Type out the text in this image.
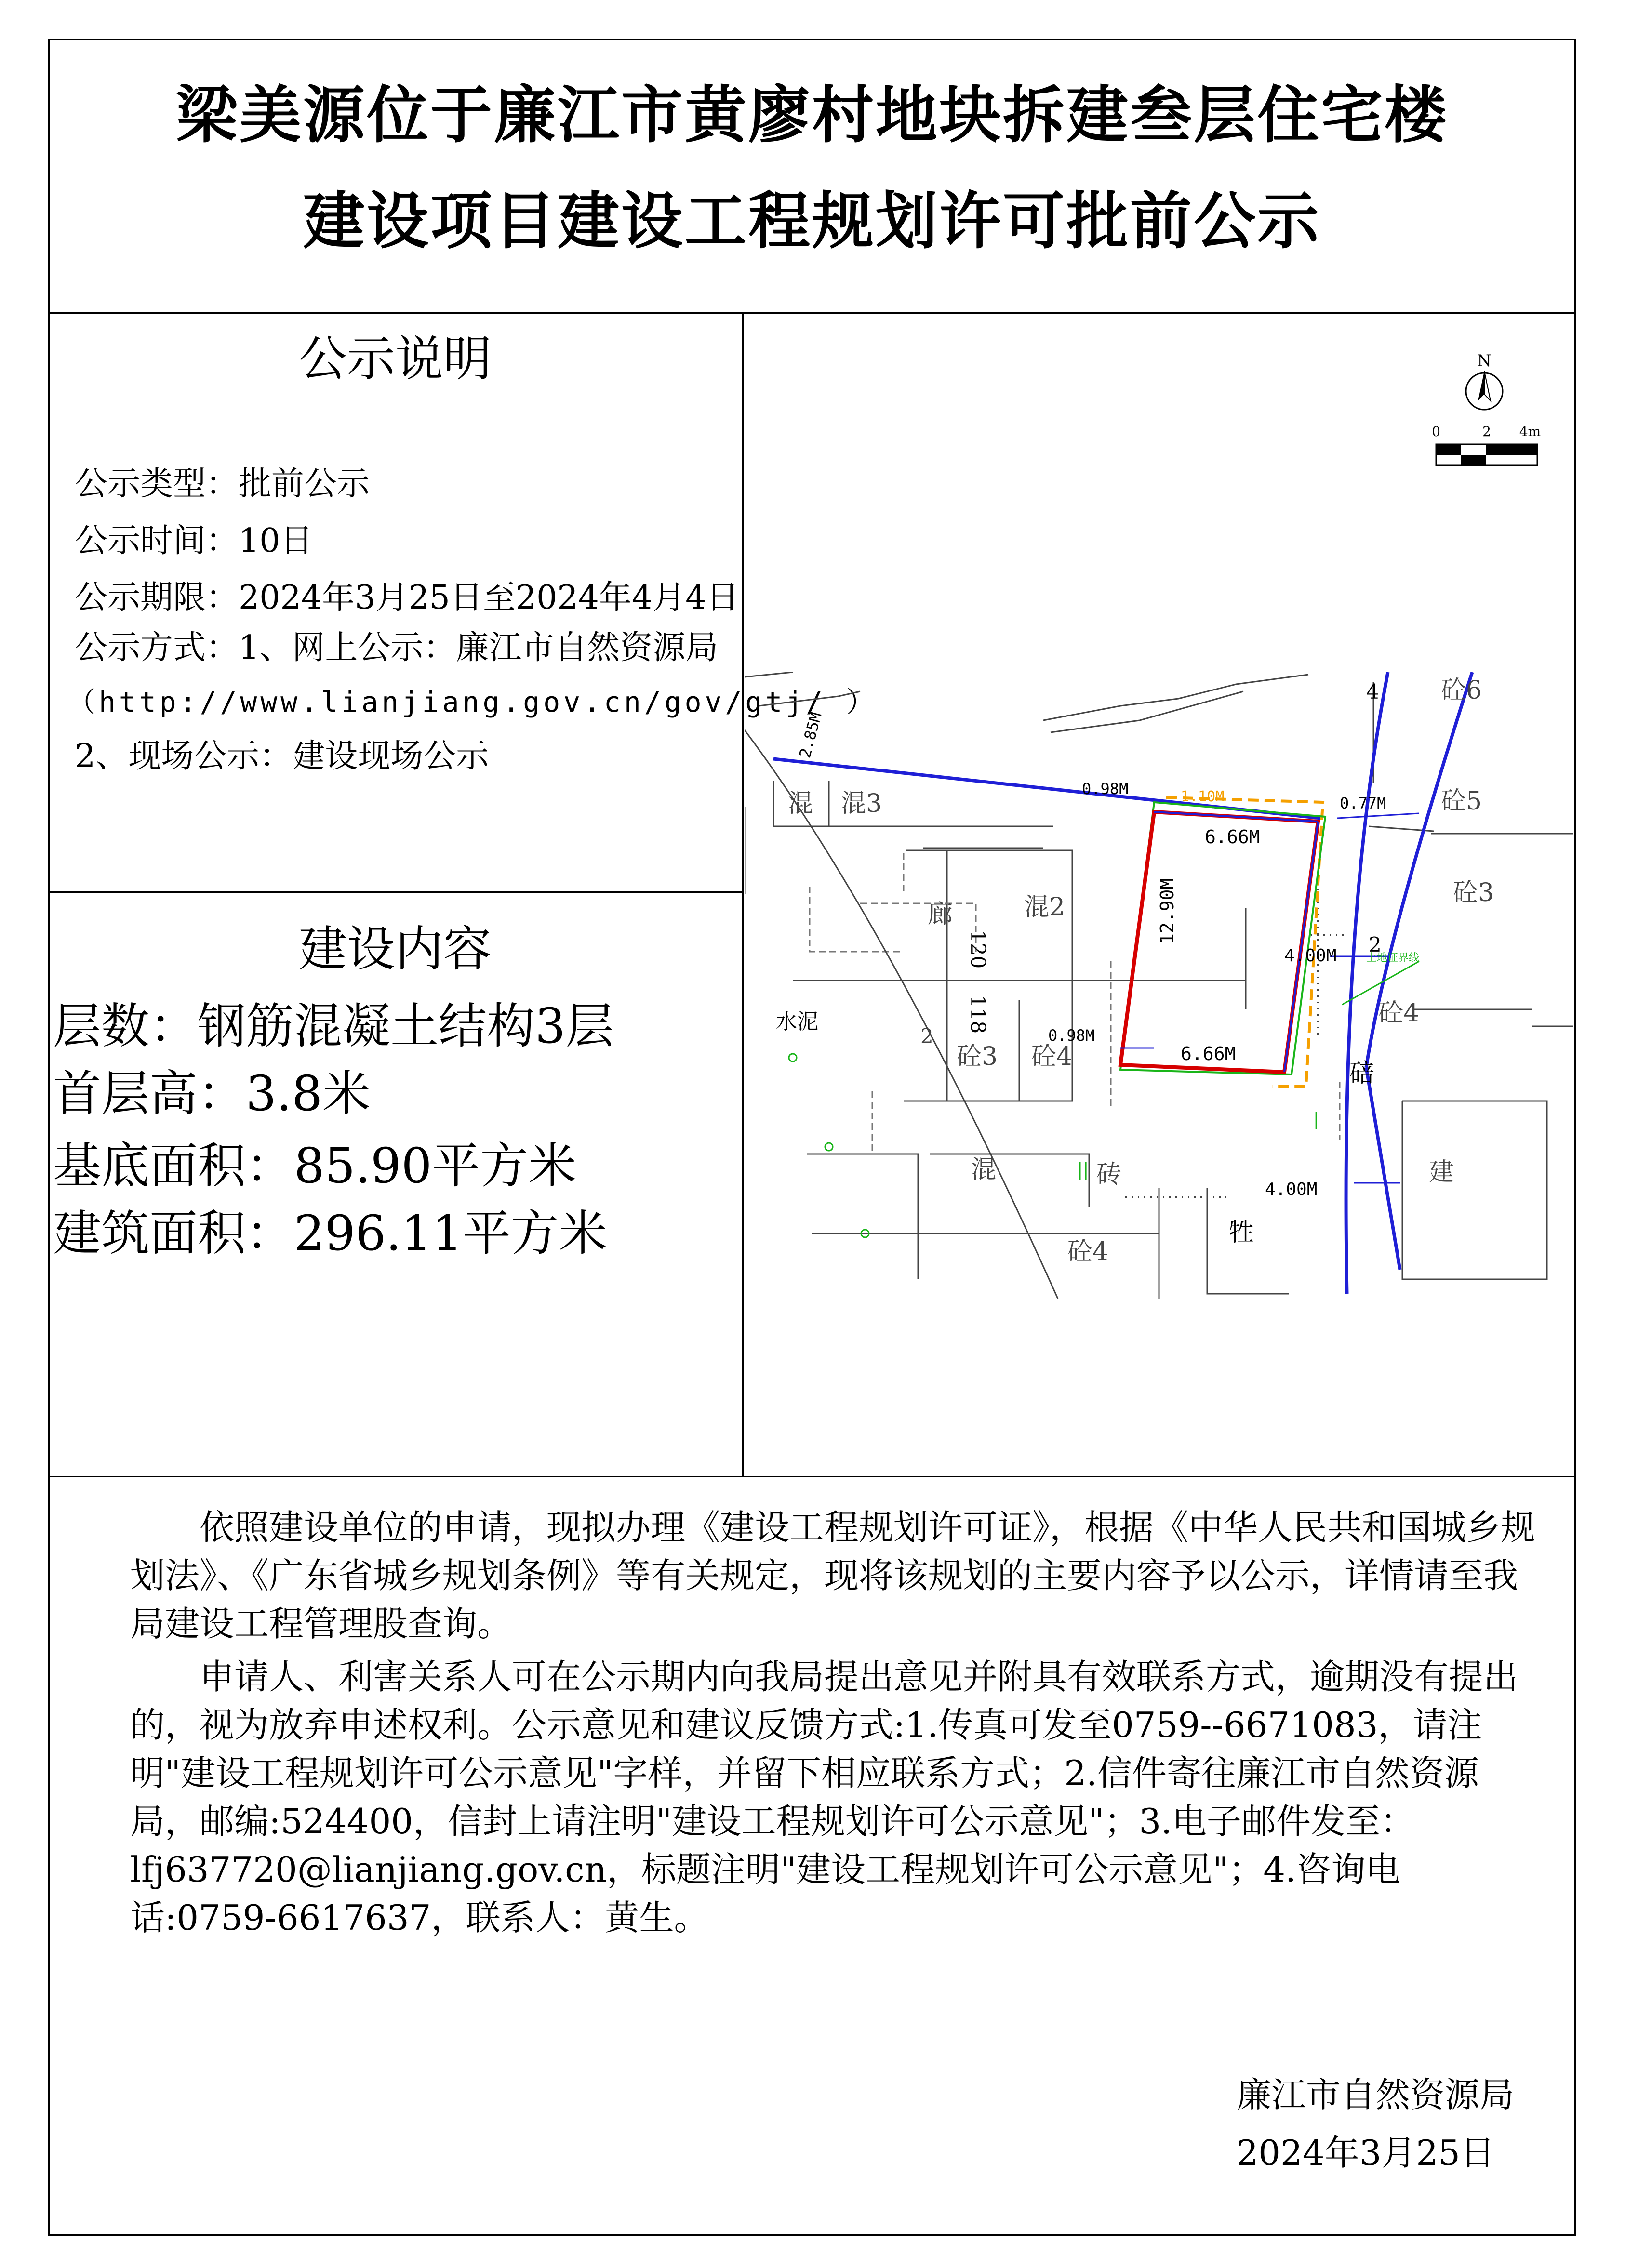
梁美源位于廉江市黄廖村地块拆建叁层住宅楼
建设项目建设工程规划许可批前公示
公示说明
公示类型：批前公示
公示时间：10日
公示期限：2024年3月25日至2024年4月4日
公示方式：1、网上公示：廉江市自然资源局
（http://www.lianjiang.gov.cn/gov/gtj/ ）
2、现场公示：建设现场公示
建设内容
层数：钢筋混凝土结构3层
首层高：3.8米
基底面积：85.90平方米
建筑面积：296.11平方米
6.66M
6.66M
12.90M
0.98M
0.98M
0.77M
4.00M
4.00M
2.85M
1.10M
混 混3
廊
120
118
混2
2
砼3 砼4
水泥
混	砖
砼4
牲
4 砼6
砼5
砼3
2
砼4
碚
建
土地证界线
||
|
N
0	2 4m

依照建设单位的申请，现拟办理《建设工程规划许可证》，根据《中华人民共和国城乡规划法》、《广东省城乡规划条例》等有关规定，现将该规划的主要内容予以公示，详情请至我局建设工程管理股查询。

申请人、利害关系人可在公示期内向我局提出意见并附具有效联系方式，逾期没有提出的，视为放弃申述权利。公示意见和建议反馈方式:1.传真可发至0759--6671083，请注明"建设工程规划许可公示意见"字样，并留下相应联系方式；2.信件寄往廉江市自然资源局，邮编:524400，信封上请注明"建设工程规划许可公示意见"；3.电子邮件发至：lfj637720@lianjiang.gov.cn，标题注明"建设工程规划许可公示意见"；4.咨询电话:0759-6617637，联系人：黄生。

廉江市自然资源局
2024年3月25日
